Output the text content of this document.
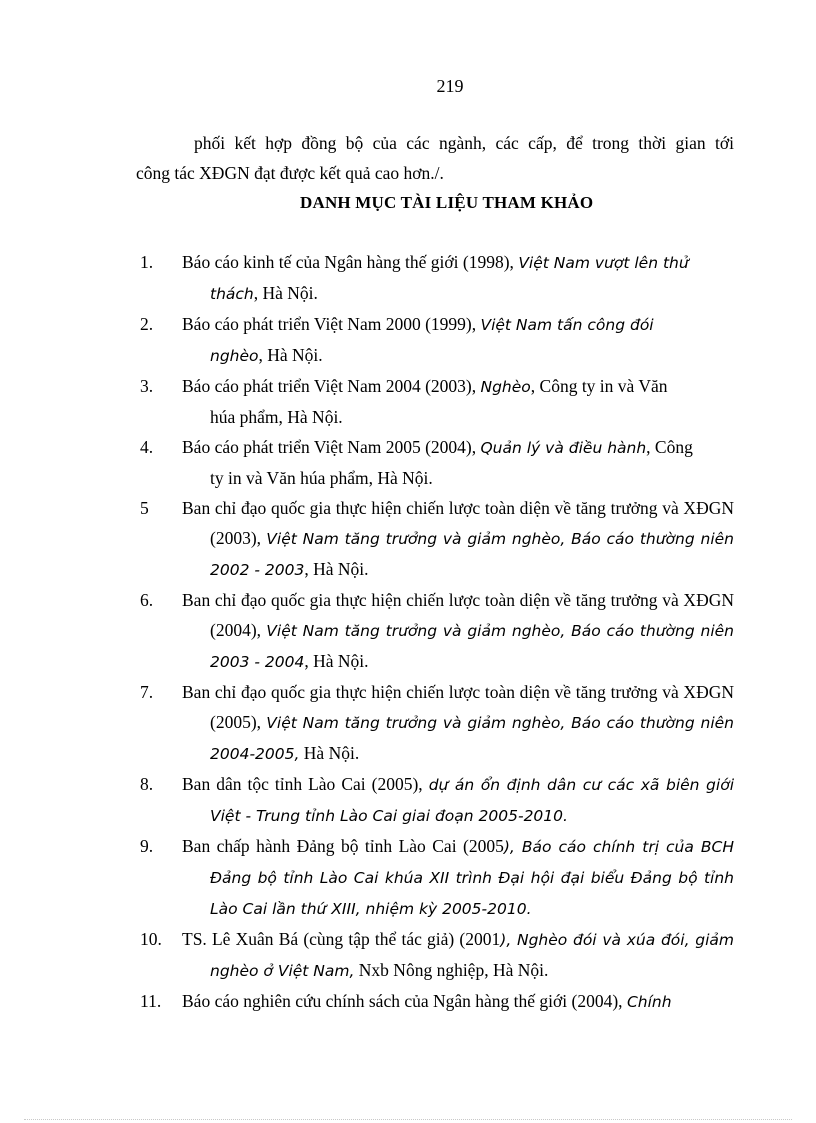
219
phối kết hợp đồng bộ của các ngành, các cấp, để trong thời gian tới
công tác XĐGN đạt được kết quả cao hơn./.
DANH MỤC TÀI LIỆU THAM KHẢO
1.	Báo cáo kinh tế của Ngân hàng thế giới (1998), Việt Nam vượt lên thử
thách, Hà Nội.
2.	Báo cáo phát triển Việt Nam 2000 (1999), Việt Nam tấn công đói
nghèo, Hà Nội.
3.	Báo cáo phát triển Việt Nam 2004 (2003), Nghèo, Công ty in và Văn
húa phẩm, Hà Nội.
4.	Báo cáo phát triển Việt Nam 2005 (2004), Quản lý và điều hành, Công
ty in và Văn húa phẩm, Hà Nội.
5	Ban chỉ đạo quốc gia thực hiện chiến lược toàn diện về tăng trưởng và XĐGN (2003), Việt Nam tăng trưởng và giảm nghèo, Báo cáo thường niên 2002 - 2003, Hà Nội.
6.	Ban chỉ đạo quốc gia thực hiện chiến lược toàn diện về tăng trưởng và XĐGN (2004), Việt Nam tăng trưởng và giảm nghèo, Báo cáo thường niên 2003 - 2004, Hà Nội.
7.	Ban chỉ đạo quốc gia thực hiện chiến lược toàn diện về tăng trưởng và XĐGN (2005), Việt Nam tăng trưởng và giảm nghèo, Báo cáo thường niên 2004-2005, Hà Nội.
8.	Ban dân tộc tỉnh Lào Cai (2005), dự án ổn định dân cư các xã biên giới Việt - Trung tỉnh Lào Cai giai đoạn 2005-2010.
9.	Ban chấp hành Đảng bộ tỉnh Lào Cai (2005), Báo cáo chính trị của BCH Đảng bộ tỉnh Lào Cai khúa XII trình Đại hội đại biểu Đảng bộ tỉnh Lào Cai lần thứ XIII, nhiệm kỳ 2005-2010.
10.	TS. Lê Xuân Bá (cùng tập thể tác giả) (2001), Nghèo đói và xúa đói, giảm nghèo ở Việt Nam, Nxb Nông nghiệp, Hà Nội.
11.	Báo cáo nghiên cứu chính sách của Ngân hàng thế giới (2004), Chính
